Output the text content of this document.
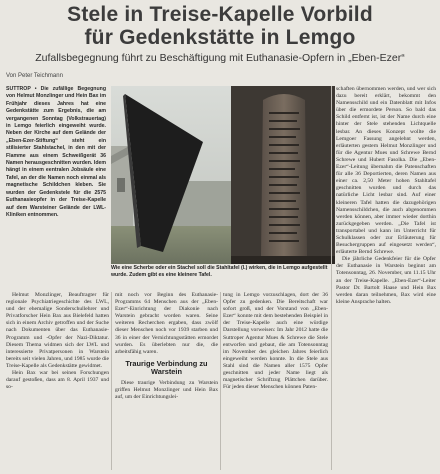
Stele in Treise-Kapelle Vorbild
für Gedenkstätte in Lemgo
Zufallsbegegnung führt zu Beschäftigung mit Euthanasie-Opfern in „Eben-Ezer“
Von Peter Teichmann
SUTTROP • Die zufällige Begegnung von Helmut Monzlinger und Hein Bax im Frühjahr dieses Jahres hat eine Gedenkstätte zum Ergebnis, die am vergangenen Sonntag (Volkstrauertag) in Lemgo feierlich eingeweiht wurde. Neben der Kirche auf dem Gelände der „Eben-Ezer-Stiftung“ steht ein stilisierter Stahlstachel, in den mit der Flamme aus einem Schweißgerät 36 Namen herausgeschnitten wurden. Idem hängt in einem eentralen Jobsäule eine Tafel, an der die Namen noch einmal als magnetische Schildchen kleben. Sie wurden der Gedenkstele für die 2575 Euthanasieopfer in der Treise-Kapelle auf dem Warsteiner Gelände der LWL-Kliniken entnommen.
Wie eine Scherbe oder ein Stachel soll die Stahltafel (l.) wirken, die in Lemgo aufgestellt wurde. Zudem gibt es eine kleinere Tafel.

Helmut Monzlinger, Beauftragter für regionale Psychiatriegeschichte des LWL, und der ehemalige Sonderschullehrer und Privatforscher Hein Bax aus Bielefeld hatten sich in einem Archiv getroffen und der Suche nach Dokumenten über das Euthanasie-Programm und -Opfer der Nazi-Diktatur. Diesem Thema widmen sich der LWL und interessierte Privatpersonen in Warstein bereits seit vielen Jahren, und 1985 wurde die Treise-Kapelle als Gedenkstätte gewidmet.

Hein Bax war bei seinen Forschungen darauf gestoßen, dass am 8. April 1937 und so-

mit noch vor Beginn des Euthanasie-Programms 64 Menschen aus der „Eben-Ezer“-Einrichtung der Diakonie nach Warstein gebracht worden waren. Seine weiteren Recherchen ergaben, dass zwölf dieser Menschen noch vor 1939 starben und 36 in einer der Vernichtungsstätten ermordet wurden. Es überlebten nur die, die arbeitsfähig waren.

Traurige Verbindung zu Warstein

Diese traurige Verbindung zu Warstein griffen Helmut Monzlinger und Hein Bax auf, um der Einrichtungslei-

tung in Lemgo vorzuschlagen, dort der 36 Opfer zu gedenken. Die Bereitschaft war sofort groß, und der Vorstand von „Eben-Ezer“ konnte mit dem bestehenden Beispiel in der Treise-Kapelle auch eine würdige Darstellung vorweisen: Im Jahr 2012 hatte die Suttroper Agentur Mues & Schrewe die Stele entworfen und gebaut, die am Totensonntag im November des gleichen Jahres feierlich eingeweiht werden konnte. In die Stele aus Stahl sind die Namen aller 1575 Opfer geschnitten und jeder Name liegt als magnetischer Schriftzug Plättchen darüber. Für jeden dieser Menschen können Paten-

schaften übernommen werden, und wer sich dazu bereit erklärt, bekommt den Namensschild und ein Datenblatt mit Infos über die ermordete Person. So bald das Schild entfernt ist, ist der Name durch eine hinter der Stele stehenden Lichtquelle lesbar. An dieses Konzept wollte die Lemgoer Fassung angelehnt werden, erläuterten gestern Helmut Monzlinger und für die Agentur Mues und Schrewe Bernd Schrewe und Hubert Fasolka. Die „Eben-Ezer“-Leitung übernahm die Patenschaften für alle 36 Deportierten, deren Namen aus einer ca. 2,50 Meter hohen Stahltafel geschnitten wurden und durch das natürliche Licht lesbar sind. Auf einer kleineren Tafel hatten die dazugehörigen Namensschildchen, die auch abgenommen werden können, aber immer wieder dorthin zurückgegeben werden. „Die Tafel ist transportabel und kann im Unterricht für Schulklassen oder zur Erläuterung für Besuchergruppen auf eingesetzt werden“, erläuterte Bernd Schrewe.

Die jährliche Gedenkfeier für die Opfer der Euthanasie in Warstein beginnt am Totensonntag, 26. November, um 11.15 Uhr an der Treise-Kapelle. „Eben-Ezer“-Leiter Pastor Dr. Bartolt Haase und Hein Bax werden daran teilnehmen, Bax wird eine kleine Ansprache halten.
